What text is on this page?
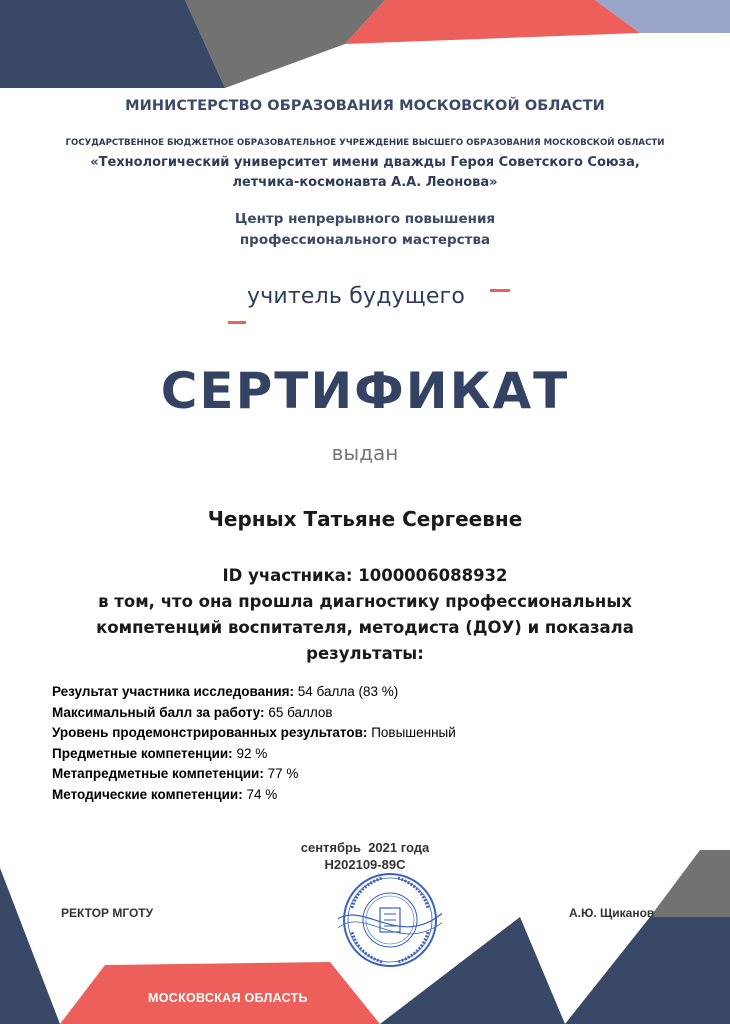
МИНИСТЕРСТВО ОБРАЗОВАНИЯ МОСКОВСКОЙ ОБЛАСТИ
ГОСУДАРСТВЕННОЕ БЮДЖЕТНОЕ ОБРАЗОВАТЕЛЬНОЕ УЧРЕЖДЕНИЕ ВЫСШЕГО ОБРАЗОВАНИЯ МОСКОВСКОЙ ОБЛАСТИ
«Технологический университет имени дважды Героя Советского Союза,
летчика-космонавта А.А. Леонова»
Центр непрерывного повышения
профессионального мастерства
учитель будущего
СЕРТИФИКАТ
выдан
Черных Татьяне Сергеевне
ID участника: 1000006088932
в том, что она прошла диагностику профессиональных
компетенций воспитателя, методиста (ДОУ) и показала
результаты:
Результат участника исследования: 54 балла (83 %)
Максимальный балл за работу: 65 баллов
Уровень продемонстрированных результатов: Повышенный
Предметные компетенции: 92 %
Метапредметные компетенции: 77 %
Методические компетенции: 74 %
сентябрь  2021 года
Н202109-89С
РЕКТОР МГОТУ	А.Ю. Щиканов
МОСКОВСКАЯ ОБЛАСТЬ
